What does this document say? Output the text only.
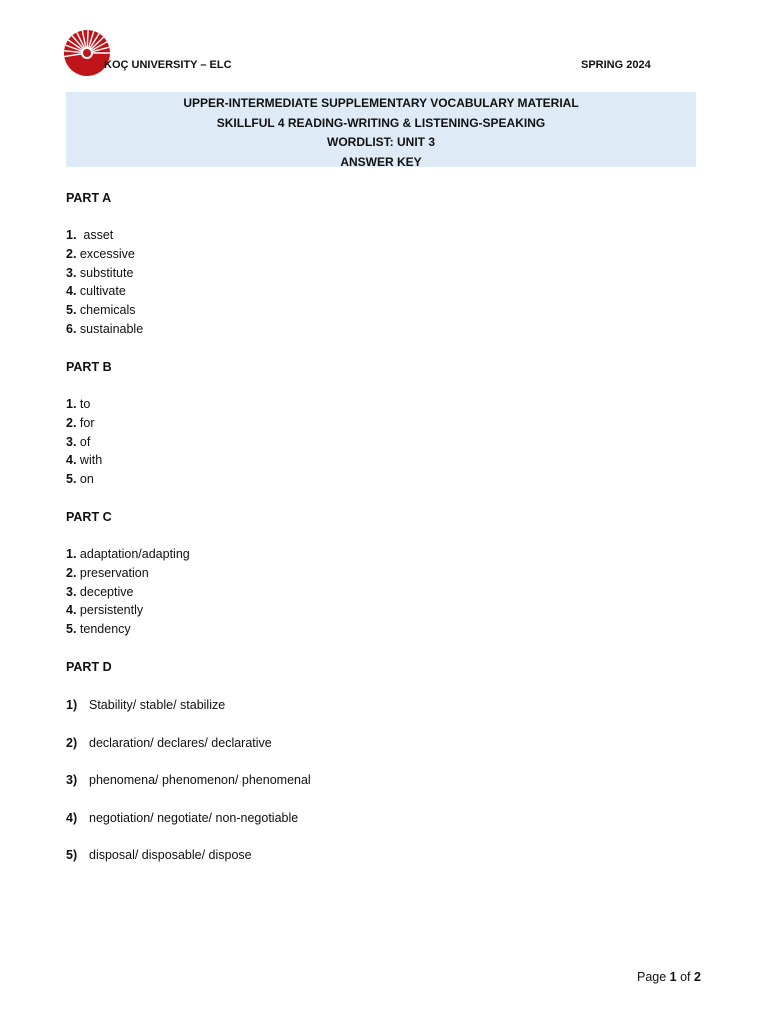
KOÇ UNIVERSITY – ELC	SPRING 2024
UPPER-INTERMEDIATE SUPPLEMENTARY VOCABULARY MATERIAL
SKILLFUL 4 READING-WRITING & LISTENING-SPEAKING
WORDLIST: UNIT 3
ANSWER KEY
PART A
1.  asset
2. excessive
3. substitute
4. cultivate
5. chemicals
6. sustainable
PART B
1. to
2. for
3. of
4. with
5. on
PART C
1. adaptation/adapting
2. preservation
3. deceptive
4. persistently
5. tendency
PART D
1) Stability/ stable/ stabilize
2) declaration/ declares/ declarative
3) phenomena/ phenomenon/ phenomenal
4) negotiation/ negotiate/ non-negotiable
5) disposal/ disposable/ dispose
Page 1 of 2
